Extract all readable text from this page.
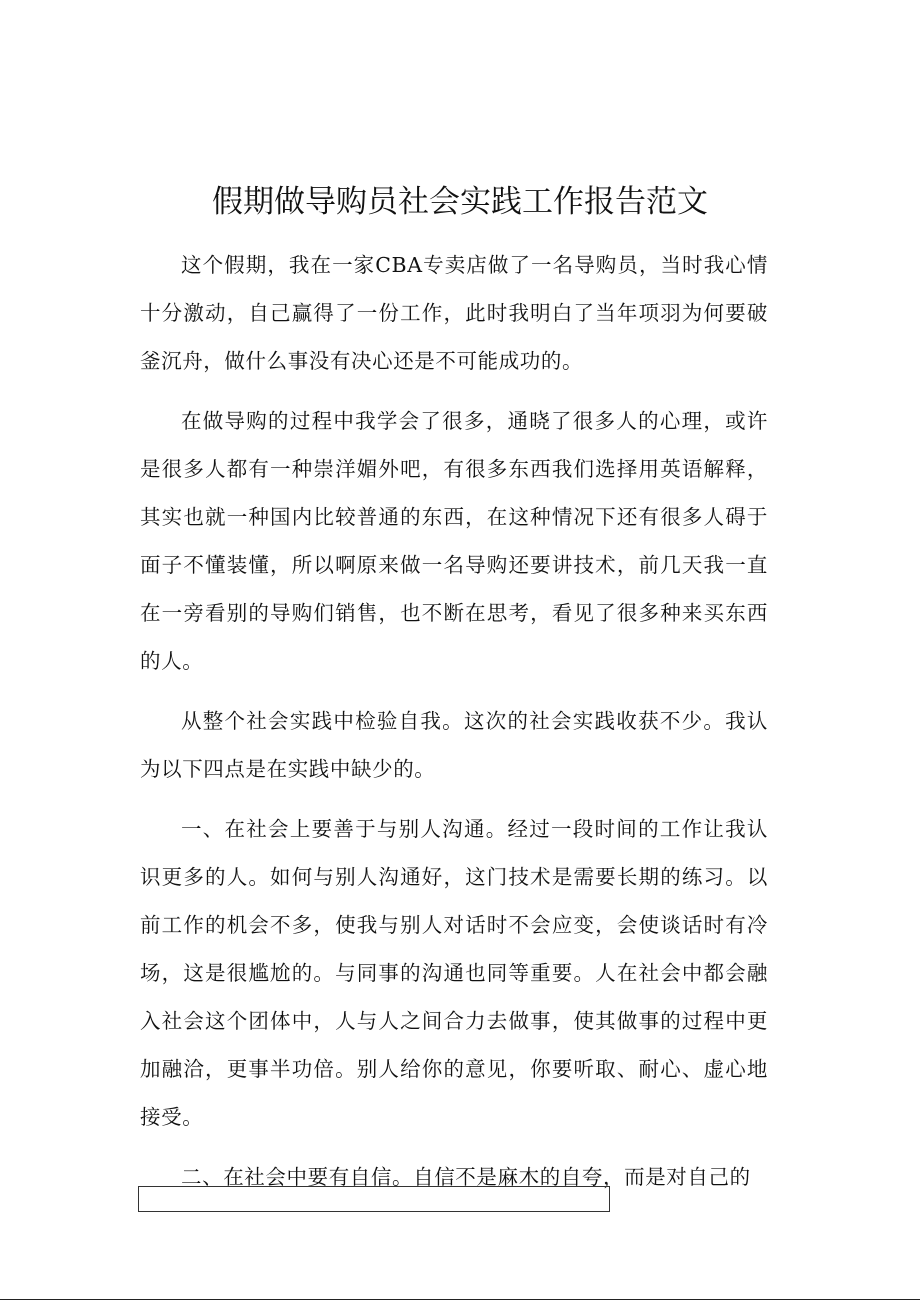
假期做导购员社会实践工作报告范文

这个假期，我在一家CBA专卖店做了一名导购员，当时我心情十分激动，自己赢得了一份工作，此时我明白了当年项羽为何要破釜沉舟，做什么事没有决心还是不可能成功的。

在做导购的过程中我学会了很多，通晓了很多人的心理，或许是很多人都有一种崇洋媚外吧，有很多东西我们选择用英语解释，其实也就一种国内比较普通的东西，在这种情况下还有很多人碍于面子不懂装懂，所以啊原来做一名导购还要讲技术，前几天我一直在一旁看别的导购们销售，也不断在思考，看见了很多种来买东西的人。

从整个社会实践中检验自我。这次的社会实践收获不少。我认为以下四点是在实践中缺少的。

一、在社会上要善于与别人沟通。经过一段时间的工作让我认识更多的人。如何与别人沟通好，这门技术是需要长期的练习。以前工作的机会不多，使我与别人对话时不会应变，会使谈话时有冷场，这是很尴尬的。与同事的沟通也同等重要。人在社会中都会融入社会这个团体中，人与人之间合力去做事，使其做事的过程中更加融洽，更事半功倍。别人给你的意见，你要听取、耐心、虚心地接受。

二、在社会中要有自信。自信不是麻木的自夸，而是对自己的
